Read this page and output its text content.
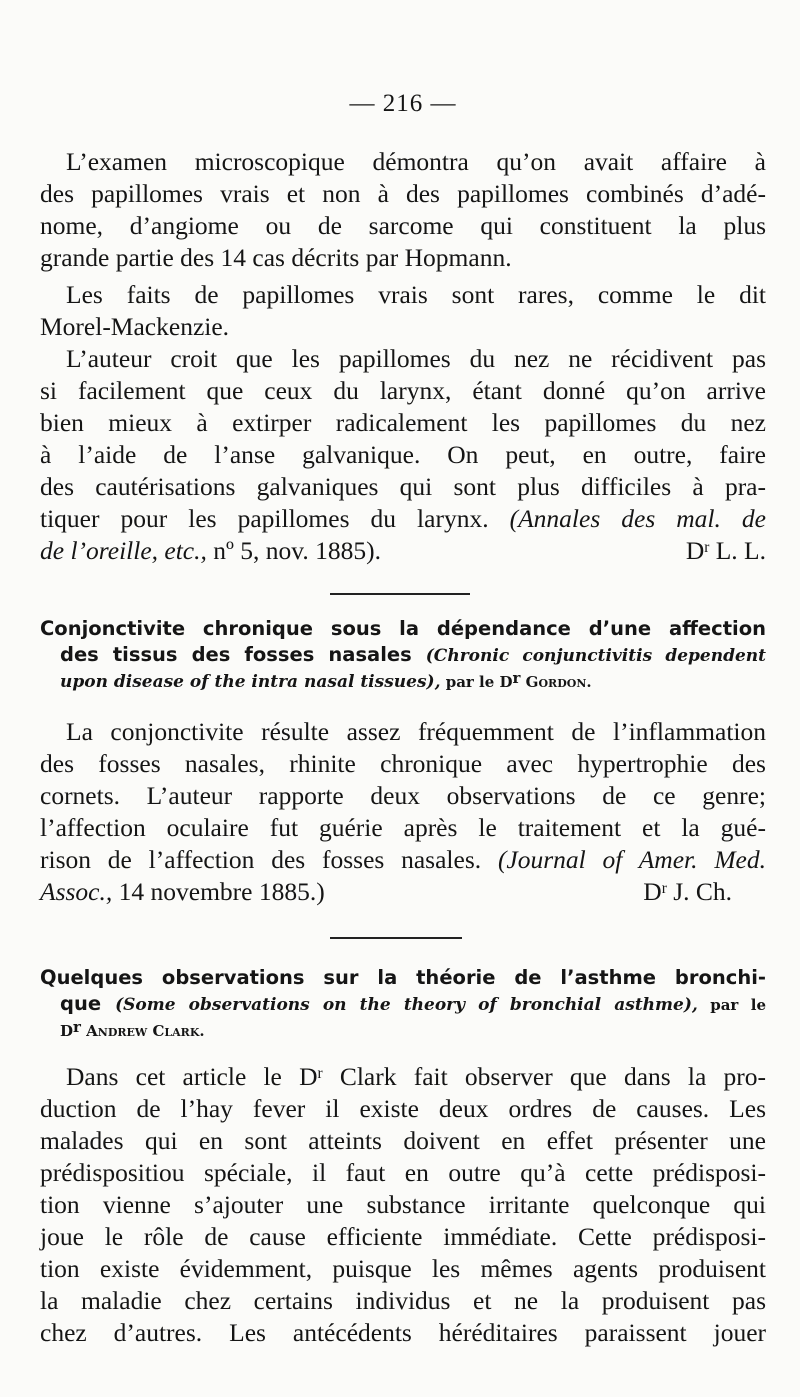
— 216 —
L’examen microscopique démontra qu’on avait affaire à
des papillomes vrais et non à des papillomes combinés d’adé-
nome, d’angiome ou de sarcome qui constituent la plus
grande partie des 14 cas décrits par Hopmann.
Les faits de papillomes vrais sont rares, comme le dit
Morel-Mackenzie.
L’auteur croit que les papillomes du nez ne récidivent pas
si facilement que ceux du larynx, étant donné qu’on arrive
bien mieux à extirper radicalement les papillomes du nez
à l’aide de l’anse galvanique. On peut, en outre, faire
des cautérisations galvaniques qui sont plus difficiles à pra-
tiquer pour les papillomes du larynx. (Annales des mal. de
de l’oreille, etc., nº 5, nov. 1885).	$D^r$ L. L.
Conjonctivite chronique sous la dépendance d’une affection
des tissus des fosses nasales (Chronic conjunctivitis dependent
upon disease of the intra nasal tissues), par le $D^r$ Gordon.
La conjonctivite résulte assez fréquemment de l’inflammation
des fosses nasales, rhinite chronique avec hypertrophie des
cornets. L’auteur rapporte deux observations de ce genre;
l’affection oculaire fut guérie après le traitement et la gué-
rison de l’affection des fosses nasales. (Journal of Amer. Med.
Assoc., 14 novembre 1885.)	$D^r$ J. Ch.
Quelques observations sur la théorie de l’asthme bronchi-
que (Some observations on the theory of bronchial asthme), par le
$D^r$ Andrew Clark.
Dans cet article le $D^r$ Clark fait observer que dans la pro-
duction de l’hay fever il existe deux ordres de causes. Les
malades qui en sont atteints doivent en effet présenter une
prédispositiou spéciale, il faut en outre qu’à cette prédisposi-
tion vienne s’ajouter une substance irritante quelconque qui
joue le rôle de cause efficiente immédiate. Cette prédisposi-
tion existe évidemment, puisque les mêmes agents produisent
la maladie chez certains individus et ne la produisent pas
chez d’autres. Les antécédents héréditaires paraissent jouer
